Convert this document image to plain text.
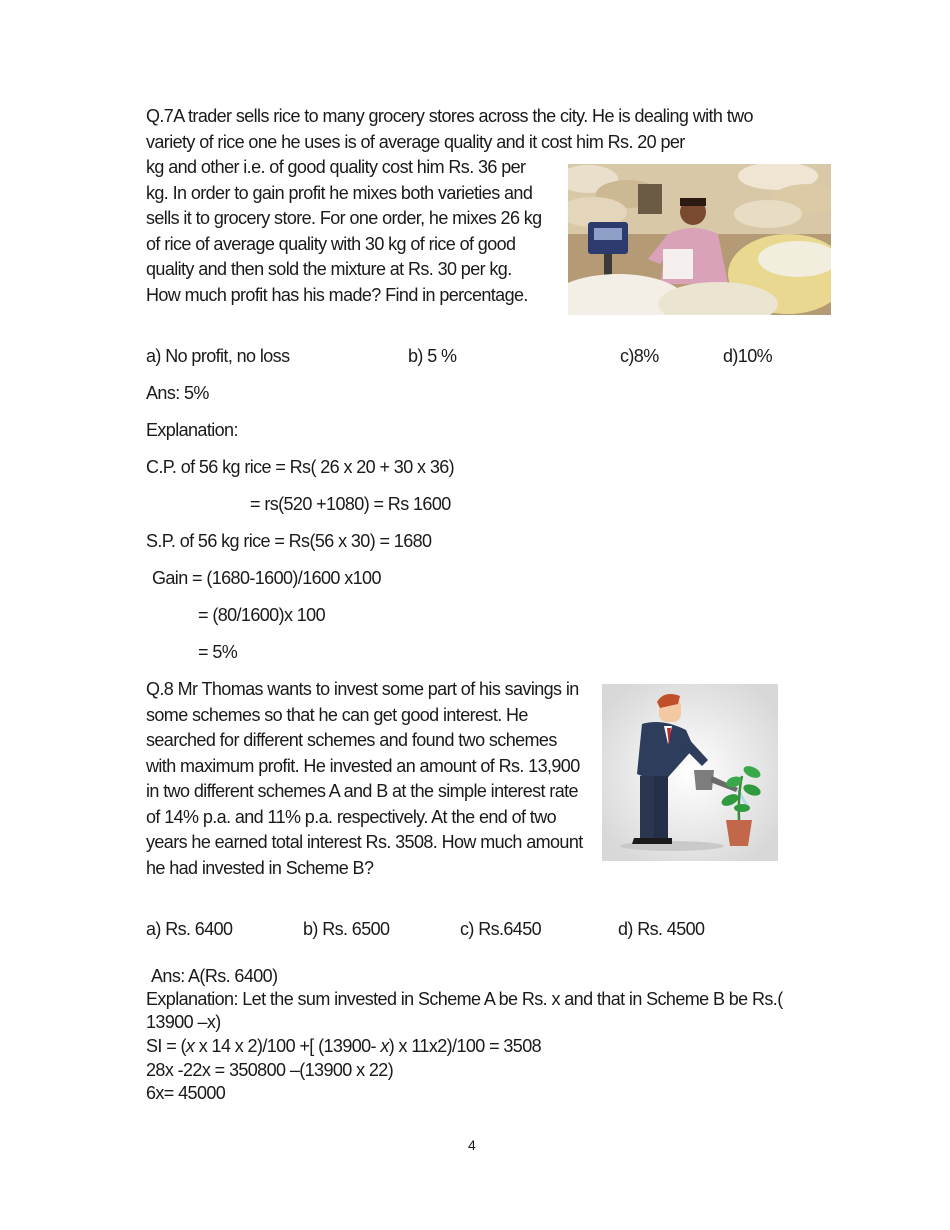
Q.7A trader sells rice to many grocery stores across the city. He is dealing with two variety of rice one he uses is of average quality and it cost him Rs. 20 per
kg and other i.e. of good quality cost him Rs. 36 per kg. In order to gain profit he mixes both varieties and sells it to grocery store. For one order, he mixes 26 kg of rice of average quality with 30 kg of rice of good quality and then sold the mixture at Rs. 30 per kg. How much profit has his made? Find in percentage.
a) No profit, no loss	b) 5 %	c)8%	d)10%
Ans: 5%
Explanation:
C.P. of 56 kg rice = Rs( 26 x 20 + 30 x 36)
= rs(520 +1080) = Rs 1600
S.P. of 56 kg rice = Rs(56 x 30) = 1680
Gain = (1680-1600)/1600 x100
= (80/1600)x 100
= 5%
Q.8 Mr Thomas wants to invest some part of his savings in some schemes so that he can get good interest. He searched for different schemes and found two schemes with maximum profit. He invested an amount of Rs. 13,900 in two different schemes A and B at the simple interest rate of 14% p.a. and 11% p.a. respectively. At the end of two years he earned total interest Rs. 3508. How much amount he had invested in Scheme B?
a) Rs. 6400	b) Rs. 6500	c) Rs.6450	d) Rs. 4500
Ans: A(Rs. 6400)
Explanation: Let the sum invested in Scheme A be Rs. x and that in Scheme B be Rs.( 13900 –x)
SI = (x x 14 x 2)/100 +[ (13900- x) x 11x2)/100 = 3508
28x -22x = 350800 –(13900 x 22)
6x= 45000
4
